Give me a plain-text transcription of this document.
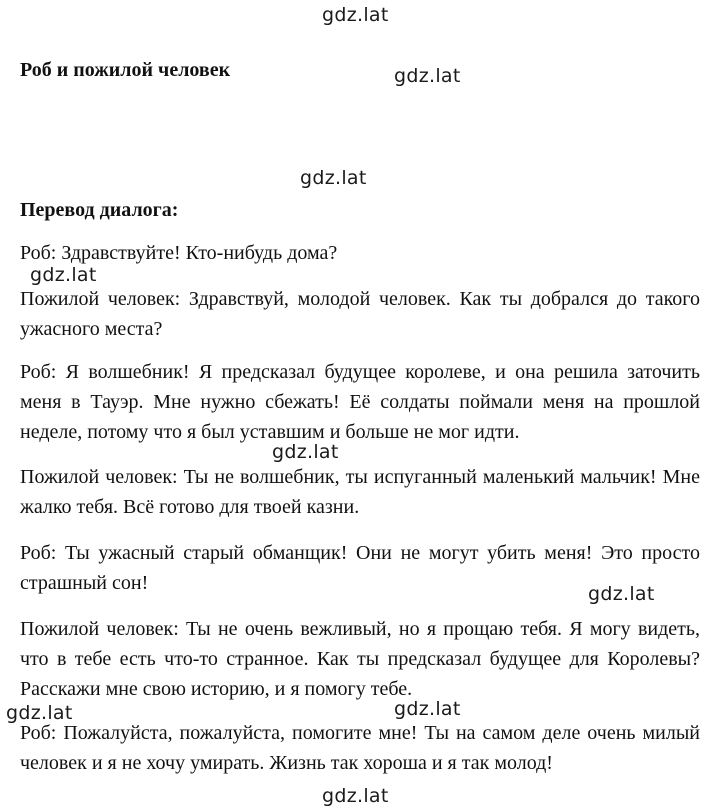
gdz.lat
gdz.lat
gdz.lat
gdz.lat
gdz.lat
gdz.lat
gdz.lat	gdz.lat
gdz.lat
Роб и пожилой человек
Перевод диалога:
Роб: Здравствуйте! Кто-нибудь дома?
Пожилой человек: Здравствуй, молодой человек. Как ты добрался до такого ужасного места?
Роб: Я волшебник! Я предсказал будущее королеве, и она решила заточить меня в Тауэр. Мне нужно сбежать! Её солдаты поймали меня на прошлой неделе, потому что я был уставшим и больше не мог идти.
Пожилой человек: Ты не волшебник, ты испуганный маленький мальчик! Мне жалко тебя. Всё готово для твоей казни.
Роб: Ты ужасный старый обманщик! Они не могут убить меня! Это просто страшный сон!
Пожилой человек: Ты не очень вежливый, но я прощаю тебя. Я могу видеть, что в тебе есть что-то странное. Как ты предсказал будущее для Королевы? Расскажи мне свою историю, и я помогу тебе.
Роб: Пожалуйста, пожалуйста, помогите мне! Ты на самом деле очень милый человек и я не хочу умирать. Жизнь так хороша и я так молод!
